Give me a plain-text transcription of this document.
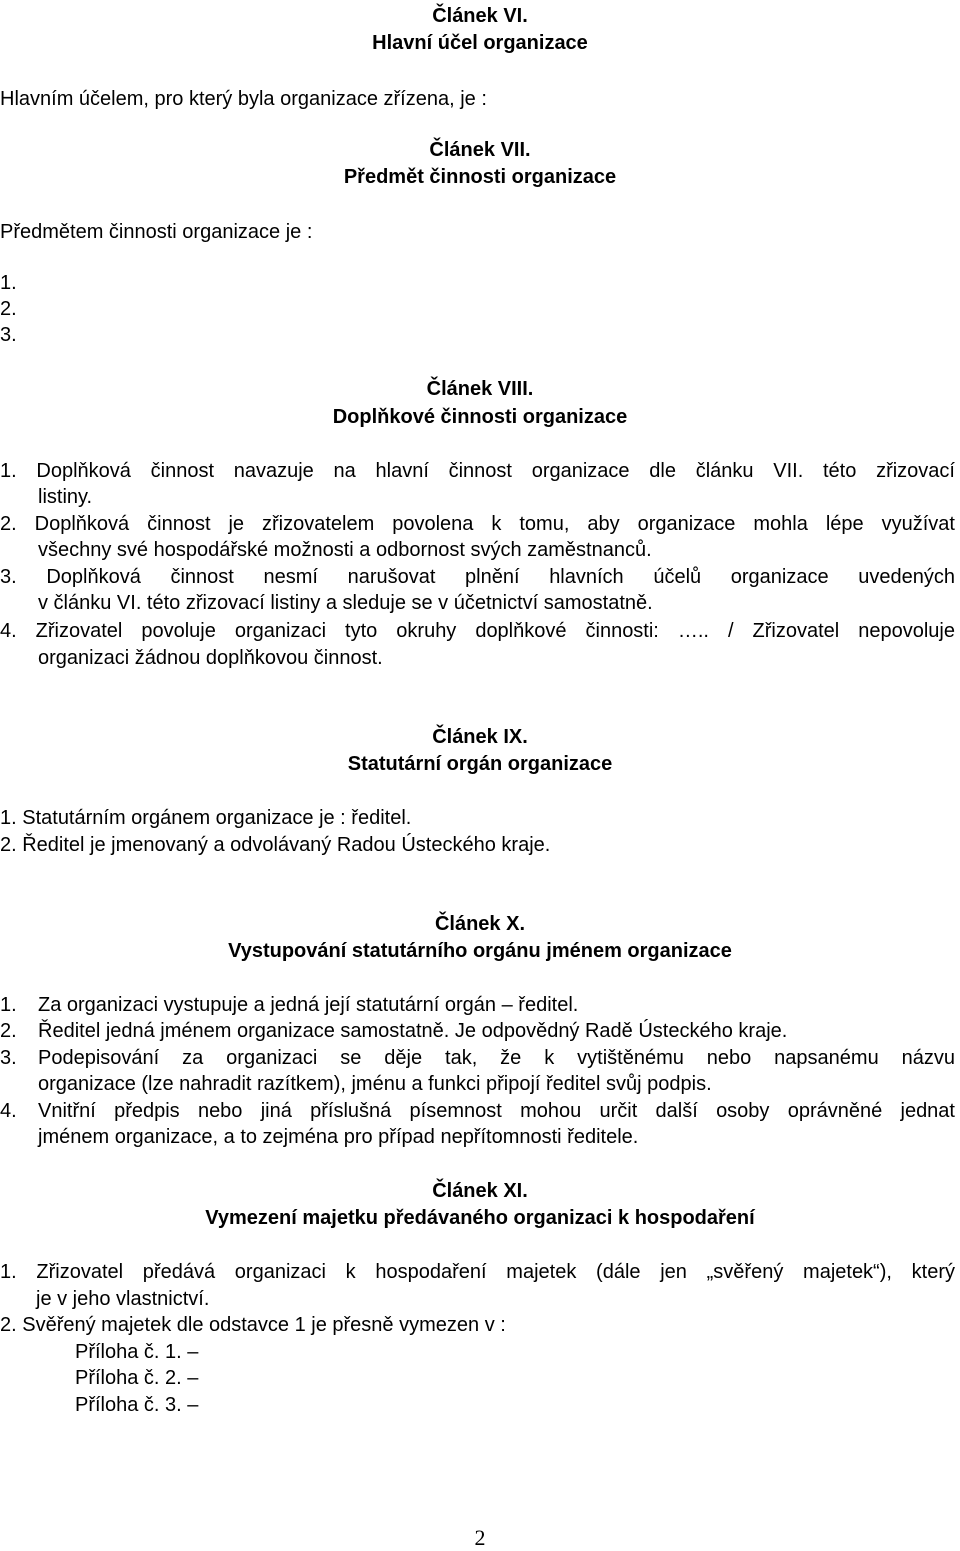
Článek VI.
Hlavní účel organizace
Hlavním účelem, pro který byla organizace zřízena, je :
Článek VII.
Předmět činnosti organizace
Předmětem činnosti organizace je :
1.
2.
3.
Článek VIII.
Doplňkové činnosti organizace
1. Doplňková činnost navazuje na hlavní činnost organizace dle článku VII. této zřizovací
listiny.
2. Doplňková činnost je zřizovatelem povolena k tomu, aby organizace mohla lépe využívat
všechny své hospodářské možnosti a odbornost svých zaměstnanců.
3. Doplňková činnost nesmí narušovat plnění hlavních účelů organizace uvedených
v článku VI. této zřizovací listiny a sleduje se v účetnictví samostatně.
4. Zřizovatel povoluje organizaci tyto okruhy doplňkové činnosti: ….. / Zřizovatel nepovoluje
organizaci žádnou doplňkovou činnost.
Článek IX.
Statutární orgán organizace
1. Statutárním orgánem organizace je : ředitel.
2. Ředitel je jmenovaný a odvolávaný Radou Ústeckého kraje.
Článek X.
Vystupování statutárního orgánu jménem organizace
1. Za organizaci vystupuje a jedná její statutární orgán – ředitel.
2. Ředitel jedná jménem organizace samostatně. Je odpovědný Radě Ústeckého kraje.
3. Podepisování za organizaci se děje tak, že k vytištěnému nebo napsanému názvu
organizace (lze nahradit razítkem), jménu a funkci připojí ředitel svůj podpis.
4. Vnitřní předpis nebo jiná příslušná písemnost mohou určit další osoby oprávněné jednat
jménem organizace, a to zejména pro případ nepřítomnosti ředitele.
Článek XI.
Vymezení majetku předávaného organizaci k hospodaření
1. Zřizovatel předává organizaci k hospodaření majetek (dále jen „svěřený majetek“), který
je v jeho vlastnictví.
2. Svěřený majetek dle odstavce 1 je přesně vymezen v :
Příloha č. 1. –
Příloha č. 2. –
Příloha č. 3. –
2
